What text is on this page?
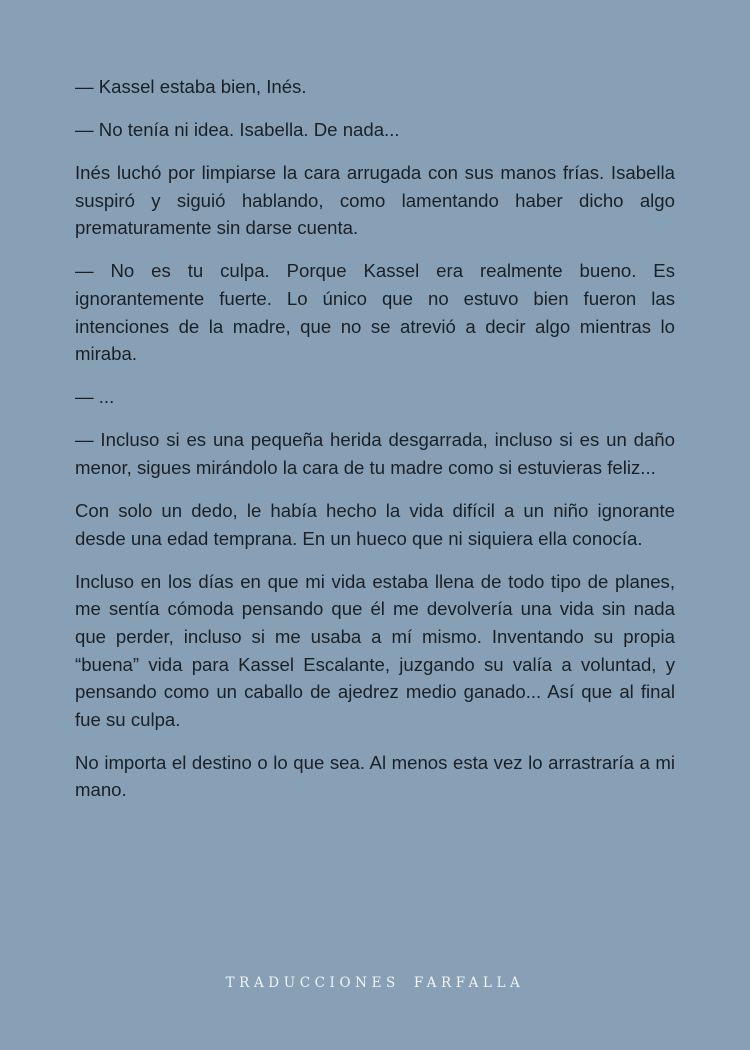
— Kassel estaba bien, Inés.

— No tenía ni idea. Isabella. De nada...

Inés luchó por limpiarse la cara arrugada con sus manos frías. Isabella suspiró y siguió hablando, como lamentando haber dicho algo prematuramente sin darse cuenta.

— No es tu culpa. Porque Kassel era realmente bueno. Es ignorantemente fuerte. Lo único que no estuvo bien fueron las intenciones de la madre, que no se atrevió a decir algo mientras lo miraba.

— ...

— Incluso si es una pequeña herida desgarrada, incluso si es un daño menor, sigues mirándolo la cara de tu madre como si estuvieras feliz...

Con solo un dedo, le había hecho la vida difícil a un niño ignorante desde una edad temprana. En un hueco que ni siquiera ella conocía.

Incluso en los días en que mi vida estaba llena de todo tipo de planes, me sentía cómoda pensando que él me devolvería una vida sin nada que perder, incluso si me usaba a mí mismo. Inventando su propia “buena” vida para Kassel Escalante, juzgando su valía a voluntad, y pensando como un caballo de ajedrez medio ganado... Así que al final fue su culpa.

No importa el destino o lo que sea. Al menos esta vez lo arrastraría a mi mano.

TRADUCCIONES FARFALLA
